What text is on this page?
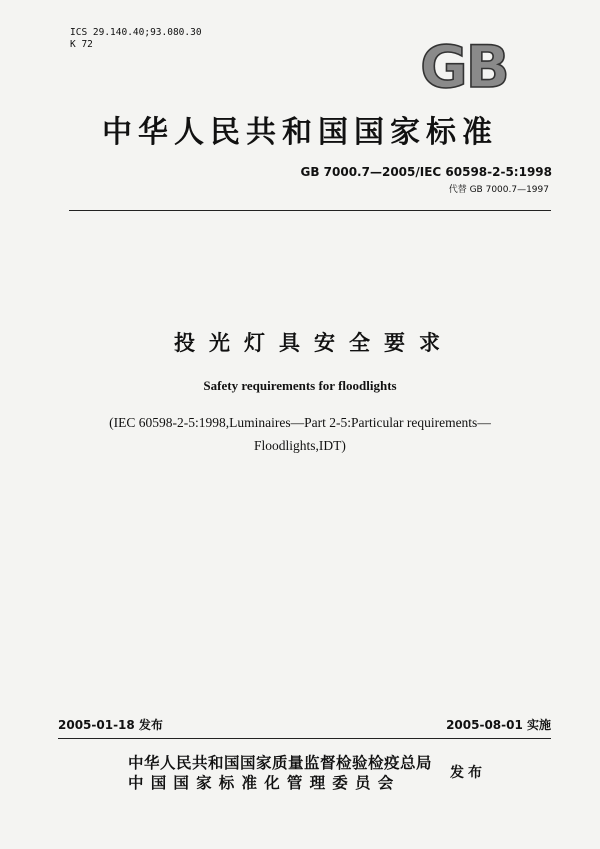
ICS 29.140.40;93.080.30
K 72	GB
中华人民共和国国家标准
GB 7000.7—2005/IEC 60598-2-5:1998
代替 GB 7000.7—1997
投光灯具安全要求
Safety requirements for floodlights
(IEC 60598-2-5:1998,Luminaires—Part 2-5:Particular requirements—
Floodlights,IDT)
2005-01-18 发布	2005-08-01 实施
中华人民共和国国家质量监督检验检疫总局
中国国家标准化管理委员会
发布
